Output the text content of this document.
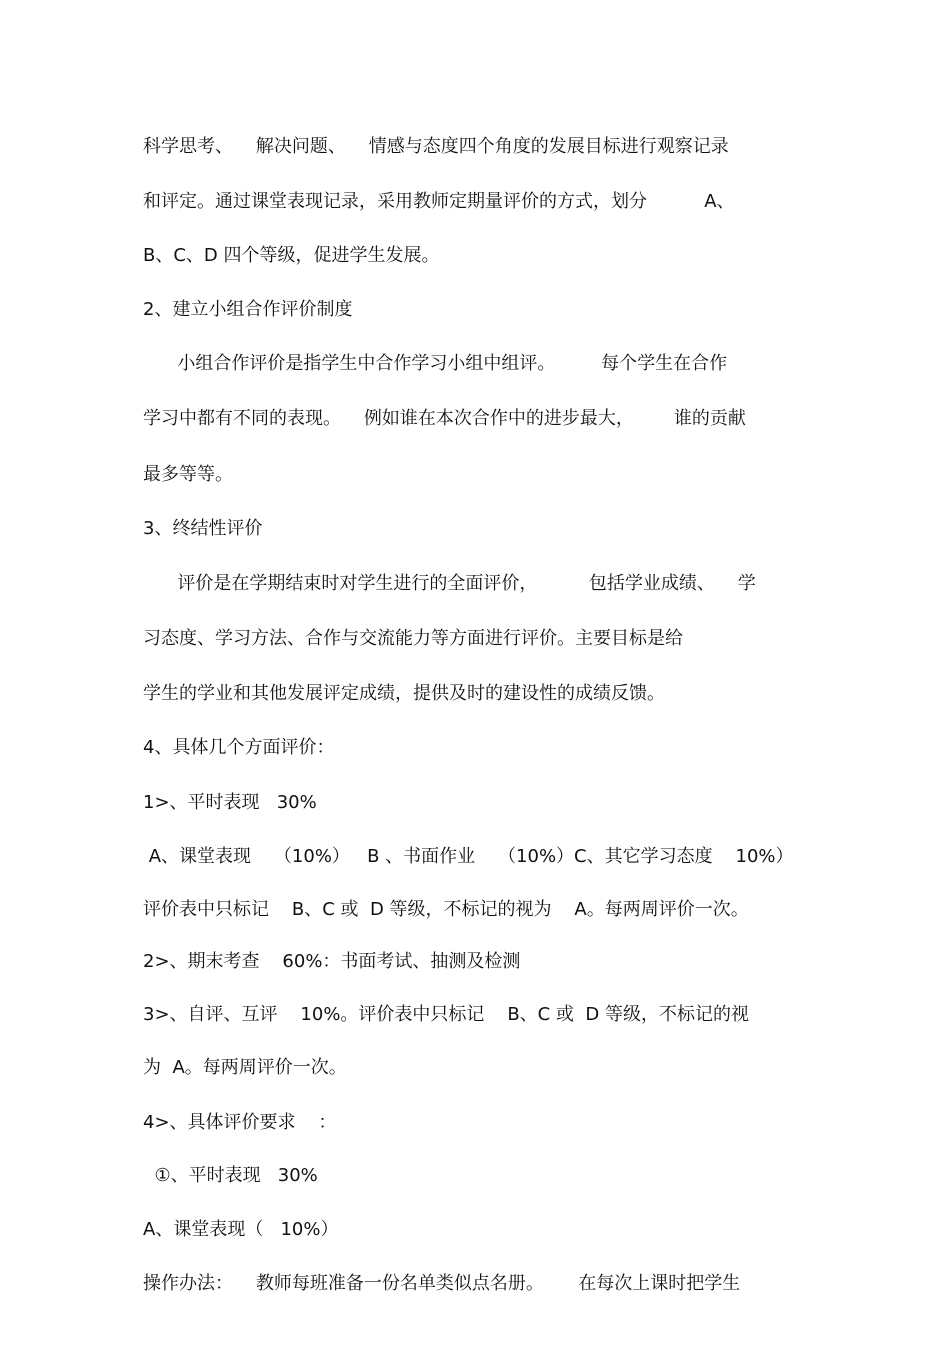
科学思考、    解决问题、    情感与态度四个角度的发展目标进行观察记录
和评定。通过课堂表现记录，采用教师定期量评价的方式，划分          A、
B、C、D 四个等级，促进学生发展。
2、建立小组合作评价制度
小组合作评价是指学生中合作学习小组中组评。        每个学生在合作
学习中都有不同的表现。    例如谁在本次合作中的进步最大，       谁的贡献
最多等等。
3、终结性评价
评价是在学期结束时对学生进行的全面评价，         包括学业成绩、    学
习态度、学习方法、合作与交流能力等方面进行评价。主要目标是给
学生的学业和其他发展评定成绩，提供及时的建设性的成绩反馈。
4、具体几个方面评价：
1>、平时表现   30%
A、课堂表现    （10%）   B 、书面作业    （10%）C、其它学习态度    10%）
评价表中只标记    B、C 或  D 等级，不标记的视为    A。每两周评价一次。
2>、期末考查    60%：书面考试、抽测及检测
3>、自评、互评    10%。评价表中只标记    B、C 或  D 等级，不标记的视
为  A。每两周评价一次。
4>、具体评价要求    ：
①、平时表现   30%
A、课堂表现（   10%）
操作办法：    教师每班准备一份名单类似点名册。      在每次上课时把学生
